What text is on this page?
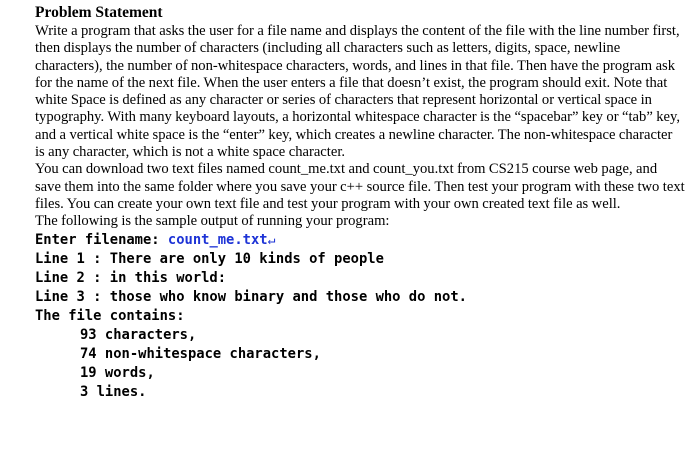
Problem Statement

Write a program that asks the user for a file name and displays the content of the file with the line number first, then displays the number of characters (including all characters such as letters, digits, space, newline characters), the number of non-whitespace characters, words, and lines in that file. Then have the program ask for the name of the next file. When the user enters a file that doesn’t exist, the program should exit. Note that white Space is defined as any character or series of characters that represent horizontal or vertical space in typography. With many keyboard layouts, a horizontal whitespace character is the “spacebar” key or “tab” key, and a vertical white space is the “enter” key, which creates a newline character. The non-whitespace character is any character, which is not a white space character.

You can download two text files named count_me.txt and count_you.txt from CS215 course web page, and save them into the same folder where you save your c++ source file. Then test your program with these two text files. You can create your own text file and test your program with your own created text file as well.

The following is the sample output of running your program:

Enter filename: count_me.txt↵

Line 1 : There are only 10 kinds of people

Line 2 : in this world:

Line 3 : those who know binary and those who do not.

The file contains:

93 characters,

74 non-whitespace characters,

19 words,

3 lines.
